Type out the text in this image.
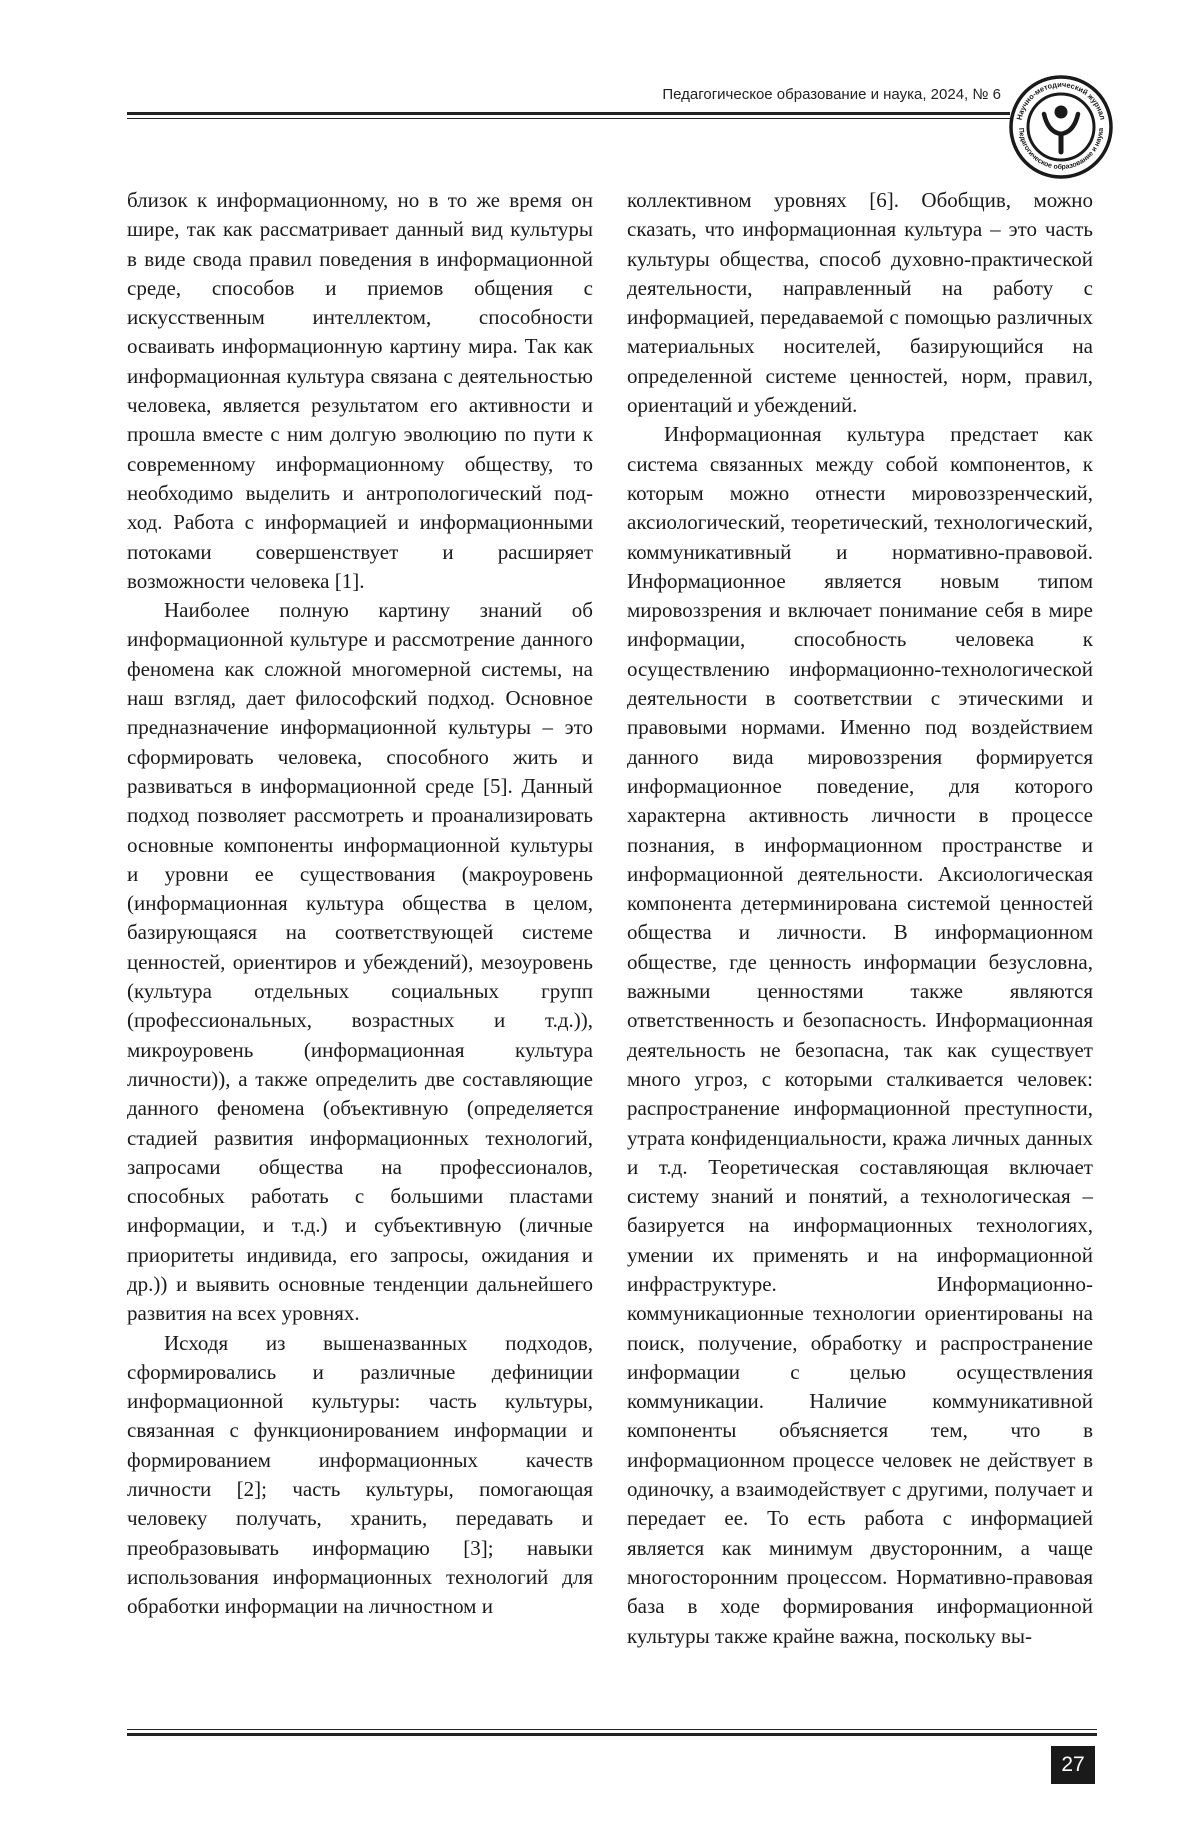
Педагогическое образование и наука, 2024, № 6
Научно-методический журнал
Педагогическое образование и наука

близок к информационному, но в то же время он шире, так как рассматривает данный вид культуры в виде свода правил поведения в информационной среде, способов и приемов общения с искусственным интеллектом, способности осваивать информационную картину мира. Так как информационная культура связана с деятельностью человека, является результатом его активности и прошла вместе с ним долгую эволюцию по пути к современному информационному обществу, то необходимо выделить и антропологический подход. Работа с информацией и информационными потоками совершенствует и расширяет возможности человека [1].

Наиболее полную картину знаний об информационной культуре и рассмотрение данного феномена как сложной многомерной системы, на наш взгляд, дает философский подход. Основное предназначение информационной культуры – это сформировать человека, способного жить и развиваться в информационной среде [5]. Данный подход позволяет рассмотреть и проанализировать основные компоненты информационной культуры и уровни ее существования (макроуровень (информационная культура общества в целом, базирующаяся на соответствующей системе ценностей, ориентиров и убеждений), мезоуровень (культура отдельных социальных групп (профессиональных, возрастных и т.д.)), микроуровень (информационная культура личности)), а также определить две составляющие данного феномена (объективную (определяется стадией развития информационных технологий, запросами общества на профессионалов, способных работать с большими пластами информации, и т.д.) и субъективную (личные приоритеты индивида, его запросы, ожидания и др.)) и выявить основные тенденции дальнейшего развития на всех уровнях.

Исходя из вышеназванных подходов, сформировались и различные дефиниции информационной культуры: часть культуры, связанная с функционированием информации и формированием информационных качеств личности [2]; часть культуры, помогающая человеку получать, хранить, передавать и преобразовывать информацию [3]; навыки использования информационных технологий для обработки информации на личностном и

коллективном уровнях [6]. Обобщив, можно сказать, что информационная культура – это часть культуры общества, способ духовно-практической деятельности, направленный на работу с информацией, передаваемой с помощью различных материальных носителей, базирующийся на определенной системе ценностей, норм, правил, ориентаций и убеждений.

Информационная культура предстает как система связанных между собой компонентов, к которым можно отнести мировоззренческий, аксиологический, теоретический, технологический, коммуникативный и нормативно-правовой. Информационное является новым типом мировоззрения и включает понимание себя в мире информации, способность человека к осуществлению информационно-технологической деятельности в соответствии с этическими и правовыми нормами. Именно под воздействием данного вида мировоззрения формируется информационное поведение, для которого характерна активность личности в процессе познания, в информационном пространстве и информационной деятельности. Аксиологическая компонента детерминирована системой ценностей общества и личности. В информационном обществе, где ценность информации безусловна, важными ценностями также являются ответственность и безопасность. Информационная деятельность не безопасна, так как существует много угроз, с которыми сталкивается человек: распространение информационной преступности, утрата конфиденциальности, кража личных данных и т.д. Теоретическая составляющая включает систему знаний и понятий, а технологическая – базируется на информационных технологиях, умении их применять и на информационной инфраструктуре. Информационно-коммуникационные технологии ориентированы на поиск, получение, обработку и распространение информации с целью осуществления коммуникации. Наличие коммуникативной компоненты объясняется тем, что в информационном процессе человек не действует в одиночку, а взаимодействует с другими, получает и передает ее. То есть работа с информацией является как минимум двусторонним, а чаще многосторонним процессом. Нормативно-правовая база в ходе формирования информационной культуры также крайне важна, поскольку вы-

27
